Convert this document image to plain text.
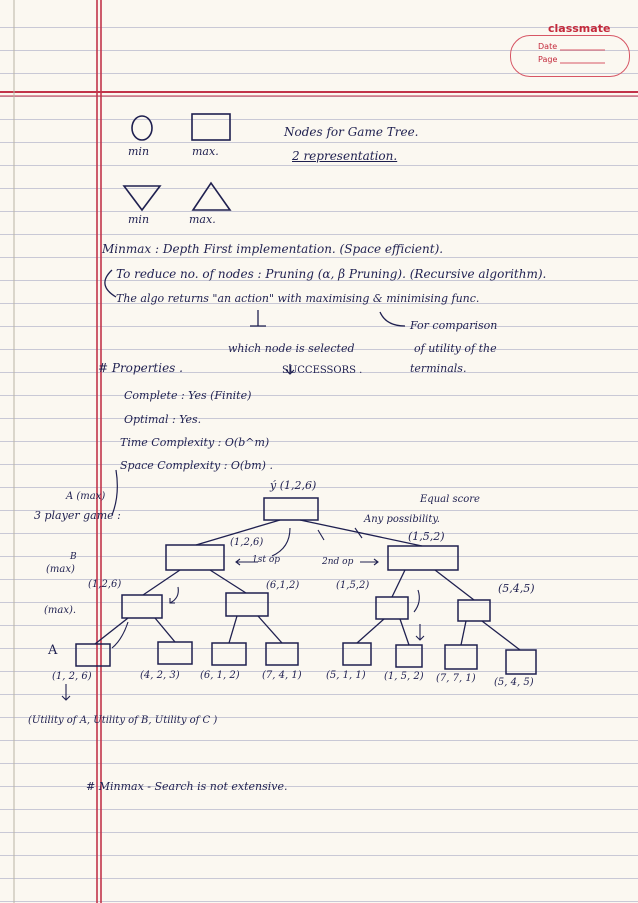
classmate
Date
Page
min	max.
min	max.
Nodes for Game Tree.
2 representation.
Minmax : Depth First implementation. (Space efficient).
To reduce no. of nodes : Pruning (α, β Pruning). (Recursive algorithm).
The algo returns "an action" with maximising & minimising func.
For comparison
which node is selected	of utility of the
SUCCESSORS .	terminals.
# Properties .
Complete : Yes (Finite)
Optimal : Yes.
Time Complexity : O(b^m)
Space Complexity : O(bm) .
ý (1,2,6)
A (max)
3 player game :
Equal score
Any possibility.
(1,5,2)
(1,2,6)
1st op	2nd op
B
(max)
(1,2,6)	(6,1,2)	(1,5,2)	(5,4,5)
(max).
A
(1, 2, 6)	(4, 2, 3) (6, 1, 2) (7, 4, 1) (5, 1, 1) (1, 5, 2) (7, 7, 1) (5, 4, 5)
(Utility of A, Utility of B, Utility of C )
# Minmax - Search is not extensive.
